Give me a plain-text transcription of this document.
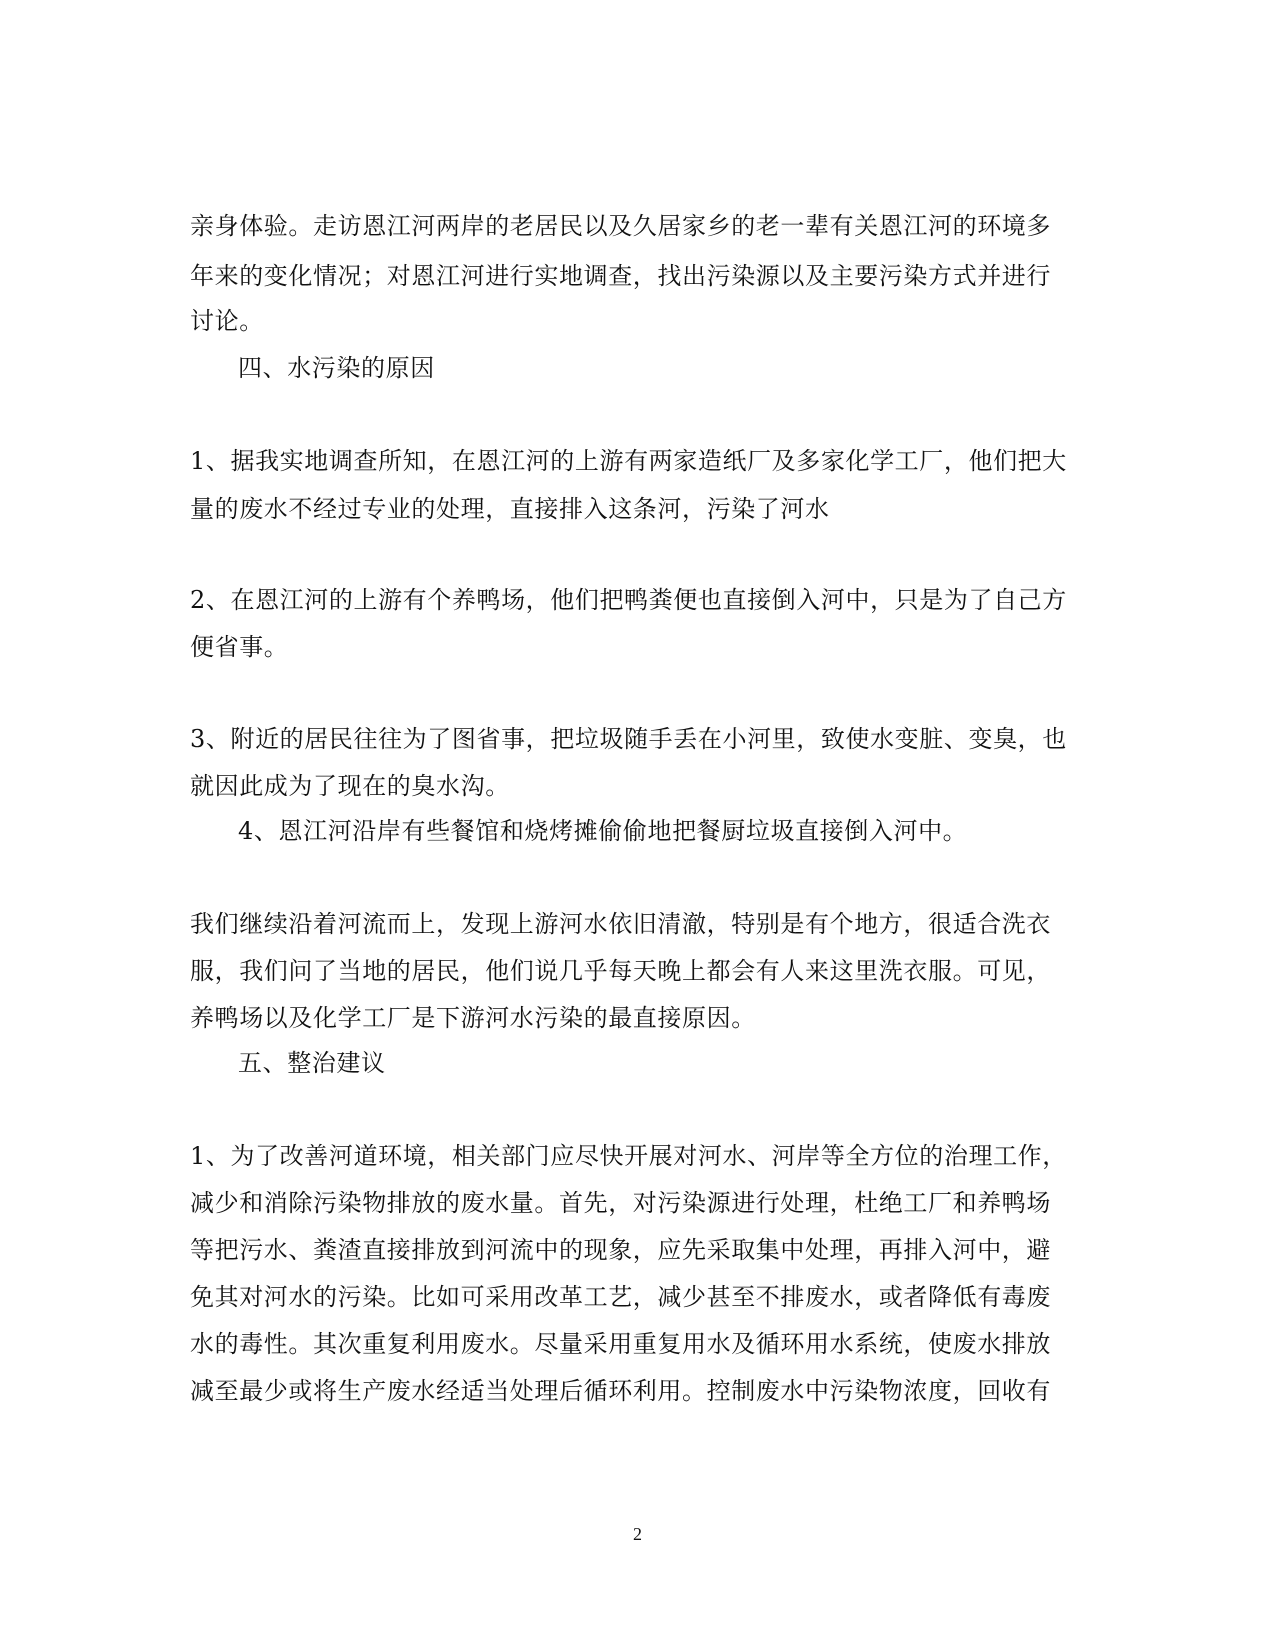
亲身体验。走访恩江河两岸的老居民以及久居家乡的老一辈有关恩江河的环境多
年来的变化情况；对恩江河进行实地调查，找出污染源以及主要污染方式并进行
讨论。
四、水污染的原因
1、据我实地调查所知，在恩江河的上游有两家造纸厂及多家化学工厂，他们把大
量的废水不经过专业的处理，直接排入这条河，污染了河水
2、在恩江河的上游有个养鸭场，他们把鸭粪便也直接倒入河中，只是为了自己方
便省事。
3、附近的居民往往为了图省事，把垃圾随手丢在小河里，致使水变脏、变臭，也
就因此成为了现在的臭水沟。
4、恩江河沿岸有些餐馆和烧烤摊偷偷地把餐厨垃圾直接倒入河中。
我们继续沿着河流而上，发现上游河水依旧清澈，特别是有个地方，很适合洗衣
服，我们问了当地的居民，他们说几乎每天晚上都会有人来这里洗衣服。可见，
养鸭场以及化学工厂是下游河水污染的最直接原因。
五、整治建议
1、为了改善河道环境，相关部门应尽快开展对河水、河岸等全方位的治理工作，
减少和消除污染物排放的废水量。首先，对污染源进行处理，杜绝工厂和养鸭场
等把污水、粪渣直接排放到河流中的现象，应先采取集中处理，再排入河中，避
免其对河水的污染。比如可采用改革工艺，减少甚至不排废水，或者降低有毒废
水的毒性。其次重复利用废水。尽量采用重复用水及循环用水系统，使废水排放
减至最少或将生产废水经适当处理后循环利用。控制废水中污染物浓度，回收有
2
